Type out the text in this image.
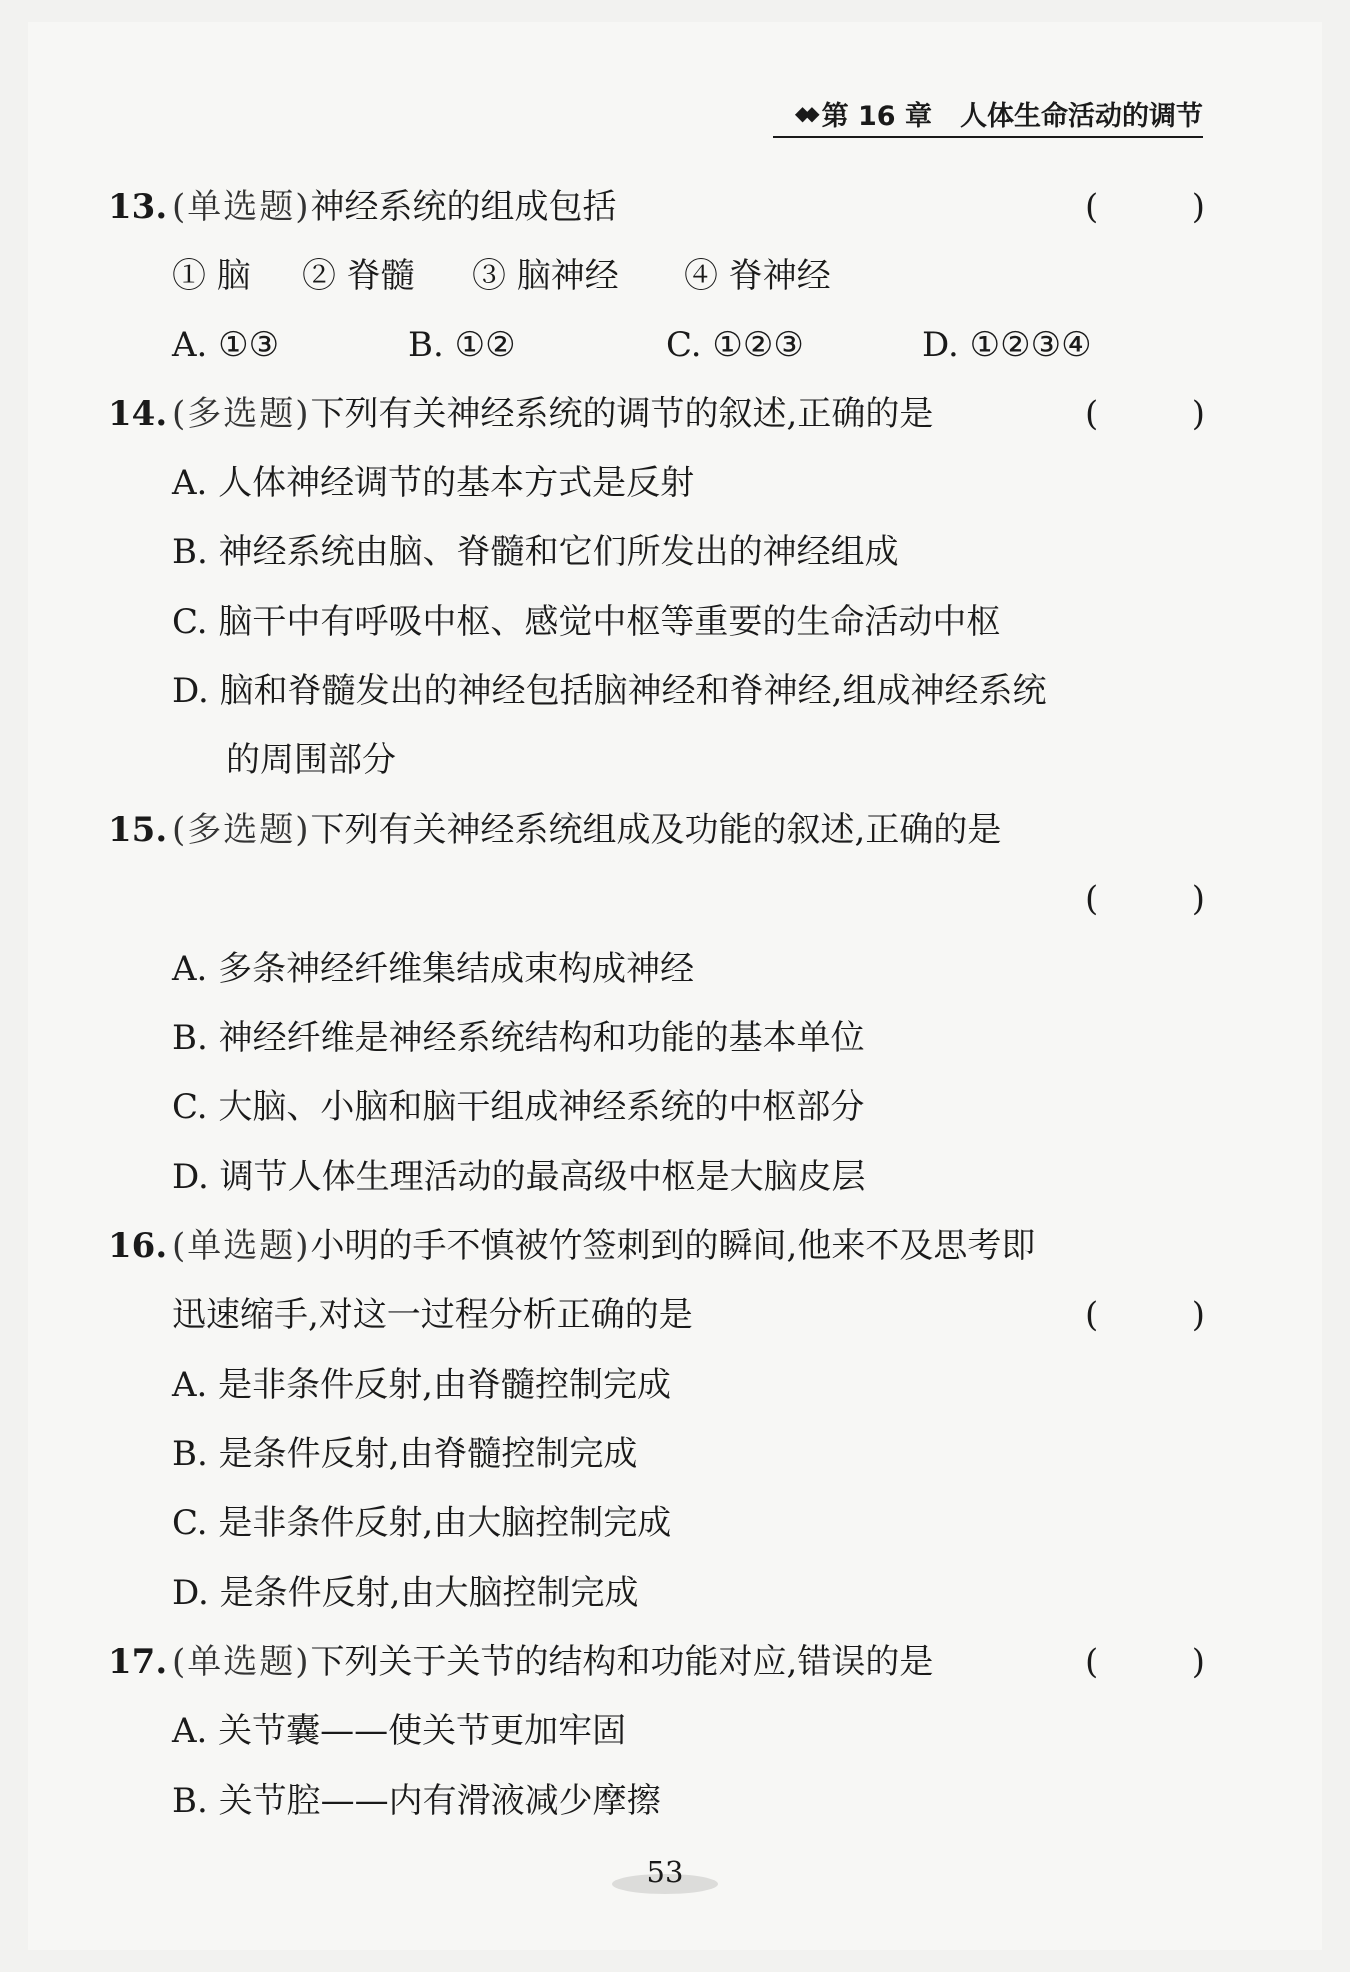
◆◆ 第 16 章 人体生命活动的调节
13. (单选题)神经系统的组成包括	(	)
① 脑 ② 脊髓 ③ 脑神经 ④ 脊神经
A. ①③	B. ①②	C. ①②③	D. ①②③④
14. (多选题)下列有关神经系统的调节的叙述,正确的是	(	)
A. 人体神经调节的基本方式是反射
B. 神经系统由脑、脊髓和它们所发出的神经组成
C. 脑干中有呼吸中枢、感觉中枢等重要的生命活动中枢
D. 脑和脊髓发出的神经包括脑神经和脊神经,组成神经系统
的周围部分
15. (多选题)下列有关神经系统组成及功能的叙述,正确的是
(	)
A. 多条神经纤维集结成束构成神经
B. 神经纤维是神经系统结构和功能的基本单位
C. 大脑、小脑和脑干组成神经系统的中枢部分
D. 调节人体生理活动的最高级中枢是大脑皮层
16. (单选题)小明的手不慎被竹签刺到的瞬间,他来不及思考即
迅速缩手,对这一过程分析正确的是	(	)
A. 是非条件反射,由脊髓控制完成
B. 是条件反射,由脊髓控制完成
C. 是非条件反射,由大脑控制完成
D. 是条件反射,由大脑控制完成
17. (单选题)下列关于关节的结构和功能对应,错误的是	(	)
A. 关节囊——使关节更加牢固
B. 关节腔——内有滑液减少摩擦
53
